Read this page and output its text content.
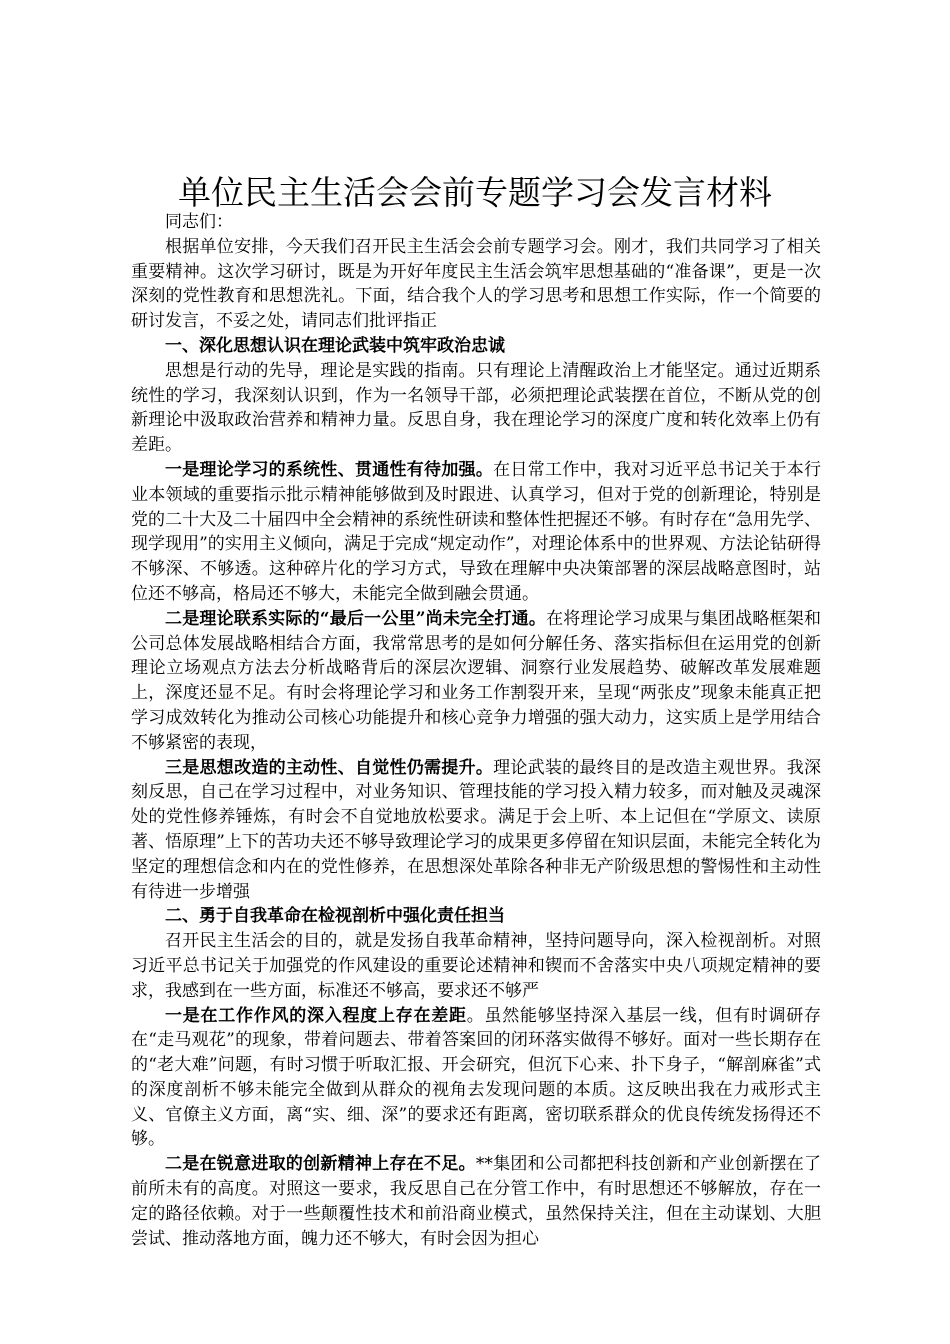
单位民主生活会会前专题学习会发言材料

同志们：

根据单位安排，今天我们召开民主生活会会前专题学习会。刚才，我们共同学习了相关重要精神。这次学习研讨，既是为开好年度民主生活会筑牢思想基础的“准备课”，更是一次深刻的党性教育和思想洗礼。下面，结合我个人的学习思考和思想工作实际，作一个简要的研讨发言，不妥之处，请同志们批评指正

一、深化思想认识在理论武装中筑牢政治忠诚

思想是行动的先导，理论是实践的指南。只有理论上清醒政治上才能坚定。通过近期系统性的学习，我深刻认识到，作为一名领导干部，必须把理论武装摆在首位，不断从党的创新理论中汲取政治营养和精神力量。反思自身，我在理论学习的深度广度和转化效率上仍有差距。

一是理论学习的系统性、贯通性有待加强。在日常工作中，我对习近平总书记关于本行业本领域的重要指示批示精神能够做到及时跟进、认真学习，但对于党的创新理论，特别是党的二十大及二十届四中全会精神的系统性研读和整体性把握还不够。有时存在“急用先学、现学现用”的实用主义倾向，满足于完成“规定动作”，对理论体系中的世界观、方法论钻研得不够深、不够透。这种碎片化的学习方式，导致在理解中央决策部署的深层战略意图时，站位还不够高，格局还不够大，未能完全做到融会贯通。

二是理论联系实际的“最后一公里”尚未完全打通。在将理论学习成果与集团战略框架和公司总体发展战略相结合方面，我常常思考的是如何分解任务、落实指标但在运用党的创新理论立场观点方法去分析战略背后的深层次逻辑、洞察行业发展趋势、破解改革发展难题上，深度还显不足。有时会将理论学习和业务工作割裂开来，呈现“两张皮”现象未能真正把学习成效转化为推动公司核心功能提升和核心竞争力增强的强大动力，这实质上是学用结合不够紧密的表现，

三是思想改造的主动性、自觉性仍需提升。理论武装的最终目的是改造主观世界。我深刻反思，自己在学习过程中，对业务知识、管理技能的学习投入精力较多，而对触及灵魂深处的党性修养锤炼，有时会不自觉地放松要求。满足于会上听、本上记但在“学原文、读原著、悟原理”上下的苦功夫还不够导致理论学习的成果更多停留在知识层面，未能完全转化为坚定的理想信念和内在的党性修养，在思想深处革除各种非无产阶级思想的警惕性和主动性有待进一步增强

二、勇于自我革命在检视剖析中强化责任担当

召开民主生活会的目的，就是发扬自我革命精神，坚持问题导向，深入检视剖析。对照习近平总书记关于加强党的作风建设的重要论述精神和锲而不舍落实中央八项规定精神的要求，我感到在一些方面，标准还不够高，要求还不够严

一是在工作作风的深入程度上存在差距。虽然能够坚持深入基层一线，但有时调研存在“走马观花”的现象，带着问题去、带着答案回的闭环落实做得不够好。面对一些长期存在的“老大难”问题，有时习惯于听取汇报、开会研究，但沉下心来、扑下身子，“解剖麻雀”式的深度剖析不够未能完全做到从群众的视角去发现问题的本质。这反映出我在力戒形式主义、官僚主义方面，离“实、细、深”的要求还有距离，密切联系群众的优良传统发扬得还不够。

二是在锐意进取的创新精神上存在不足。**集团和公司都把科技创新和产业创新摆在了前所未有的高度。对照这一要求，我反思自己在分管工作中，有时思想还不够解放，存在一定的路径依赖。对于一些颠覆性技术和前沿商业模式，虽然保持关注，但在主动谋划、大胆尝试、推动落地方面，魄力还不够大，有时会因为担心
